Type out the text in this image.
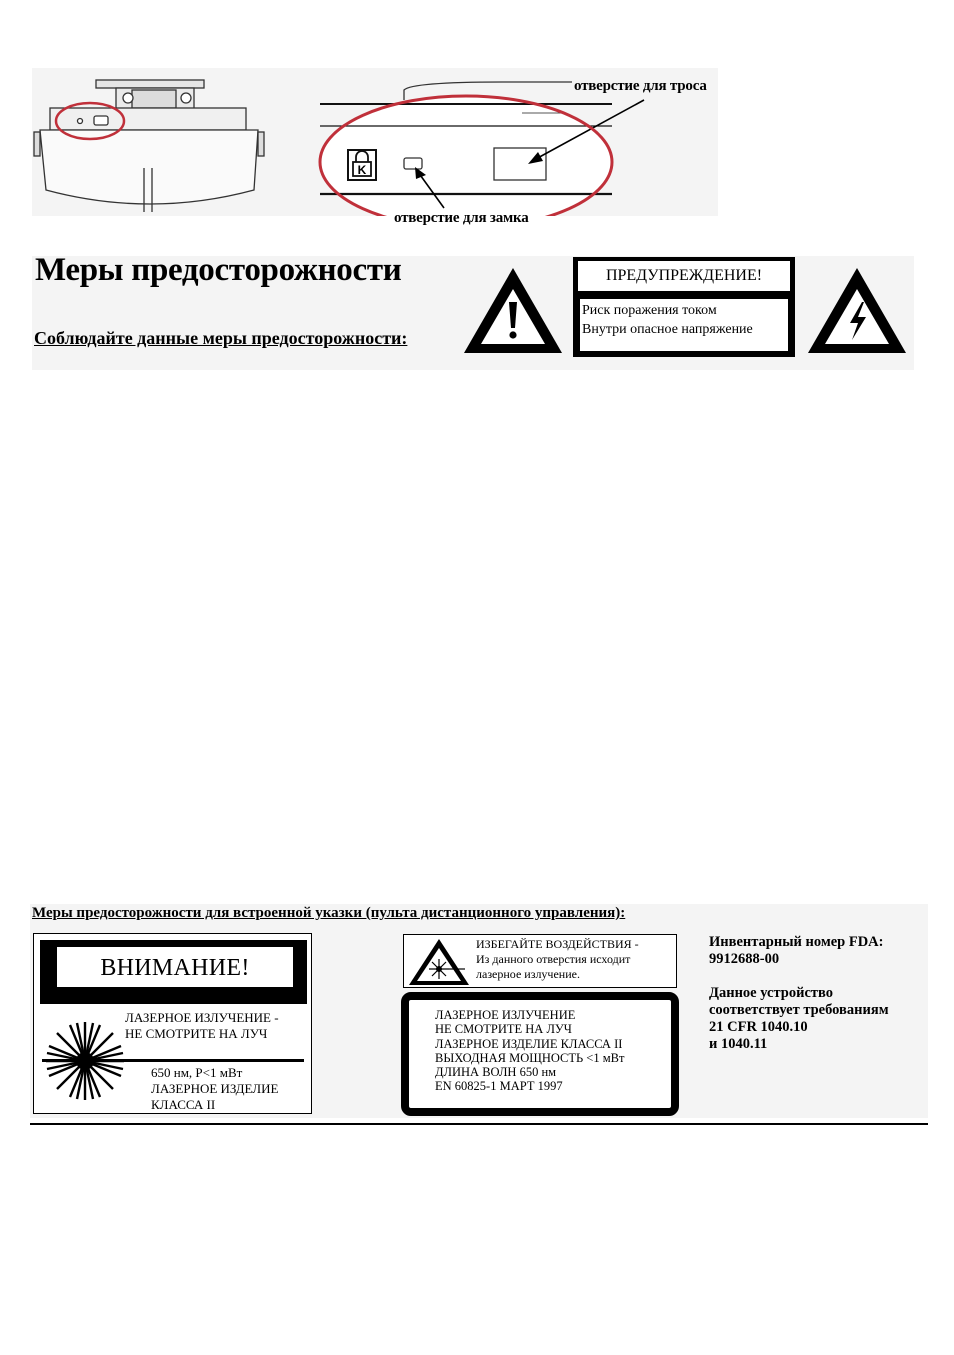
K
отверстие для троса
отверстие для замка
Меры предосторожности
Соблюдайте данные меры предосторожности:
ПРЕДУПРЕЖДЕНИЕ!
Риск поражения током
Внутри опасное напряжение
Меры предосторожности для встроенной указки (пульта дистанционного управления):
ВНИМАНИЕ!
ЛАЗЕРНОЕ ИЗЛУЧЕНИЕ -
НЕ СМОТРИТЕ НА ЛУЧ
650 нм, P<1 мВт
ЛАЗЕРНОЕ ИЗДЕЛИЕ
КЛАССА II
ИЗБЕГАЙТЕ ВОЗДЕЙСТВИЯ -
Из данного отверстия исходит
лазерное излучение.
ЛАЗЕРНОЕ ИЗЛУЧЕНИЕ
НЕ СМОТРИТЕ НА ЛУЧ
ЛАЗЕРНОЕ ИЗДЕЛИЕ КЛАССА II
ВЫХОДНАЯ МОЩНОСТЬ <1 мВт
ДЛИНА ВОЛН 650 нм
EN 60825-1 МАРТ 1997
Инвентарный номер FDA:
9912688-00
Данное устройство
соответствует требованиям
21 CFR 1040.10
и 1040.11
